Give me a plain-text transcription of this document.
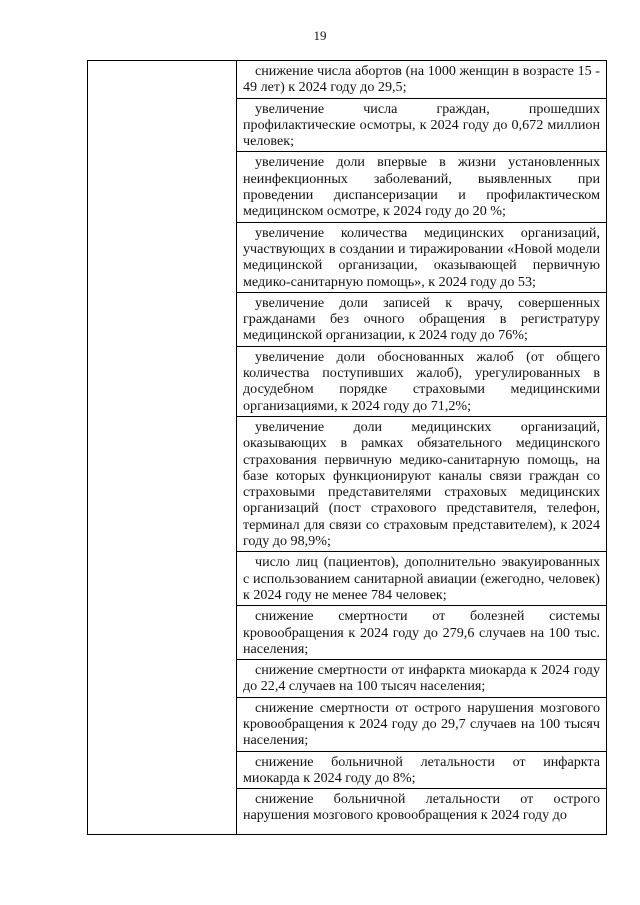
19

снижение числа абортов (на 1000 женщин в возрасте 15 - 49 лет) к 2024 году до 29,5;

увеличение числа граждан, прошедших профилактические осмотры, к 2024 году до 0,672 миллион человек;

увеличение доли впервые в жизни установленных неинфекционных заболеваний, выявленных при проведении диспансеризации и профилактическом медицинском осмотре, к 2024 году до 20 %;

увеличение количества медицинских организаций, участвующих в создании и тиражировании «Новой модели медицинской организации, оказывающей первичную медико-санитарную помощь», к 2024 году до 53;

увеличение доли записей к врачу, совершенных гражданами без очного обращения в регистратуру медицинской организации, к 2024 году до 76%;

увеличение доли обоснованных жалоб (от общего количества поступивших жалоб), урегулированных в досудебном порядке страховыми медицинскими организациями, к 2024 году до 71,2%;

увеличение доли медицинских организаций, оказывающих в рамках обязательного медицинского страхования первичную медико-санитарную помощь, на базе которых функционируют каналы связи граждан со страховыми представителями страховых медицинских организаций (пост страхового представителя, телефон, терминал для связи со страховым представителем), к 2024 году до 98,9%;

число лиц (пациентов), дополнительно эвакуированных с использованием санитарной авиации (ежегодно, человек) к 2024 году не менее 784 человек;

снижение смертности от болезней системы кровообращения к 2024 году до 279,6 случаев на 100 тыс. населения;

снижение смертности от инфаркта миокарда к 2024 году до 22,4 случаев на 100 тысяч населения;

снижение смертности от острого нарушения мозгового кровообращения к 2024 году до 29,7 случаев на 100 тысяч населения;

снижение больничной летальности от инфаркта миокарда к 2024 году до 8%;

снижение больничной летальности от острого нарушения мозгового кровообращения к 2024 году до
